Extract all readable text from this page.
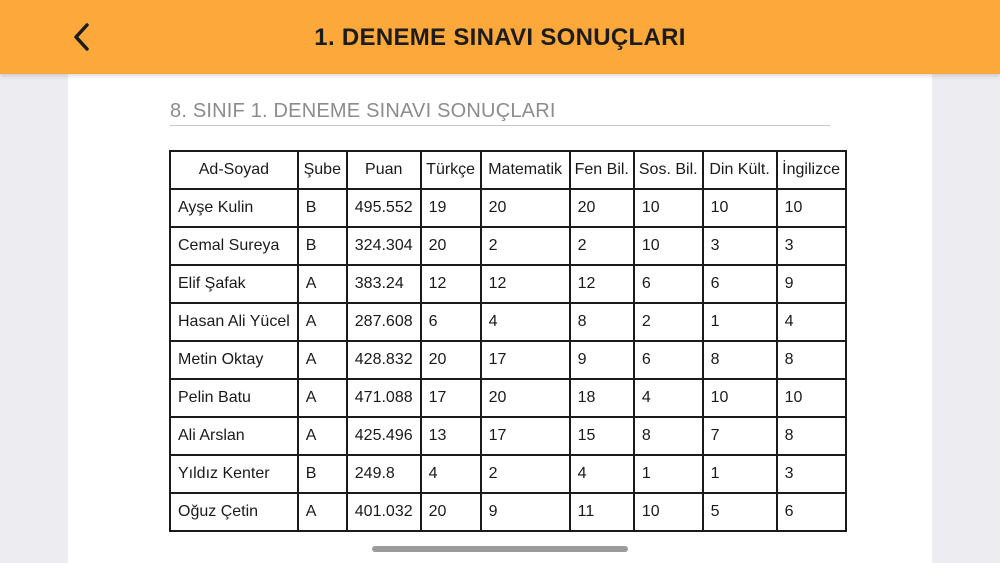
1. DENEME SINAVI SONUÇLARI
8. SINIF 1. DENEME SINAVI SONUÇLARI
Ad-Soyad	Şube	Puan	Türkçe	Matematik	Fen Bil.	Sos. Bil.	Din Kült.	İngilizce
Ayşe Kulin	B	495.552	19	20	20	10	10	10
Cemal Sureya	B	324.304	20	2	2	10	3	3
Elif Şafak	A	383.24	12	12	12	6	6	9
Hasan Ali Yücel	A	287.608	6	4	8	2	1	4
Metin Oktay	A	428.832	20	17	9	6	8	8
Pelin Batu	A	471.088	17	20	18	4	10	10
Ali Arslan	A	425.496	13	17	15	8	7	8
Yıldız Kenter	B	249.8	4	2	4	1	1	3
Oğuz Çetin	A	401.032	20	9	11	10	5	6
